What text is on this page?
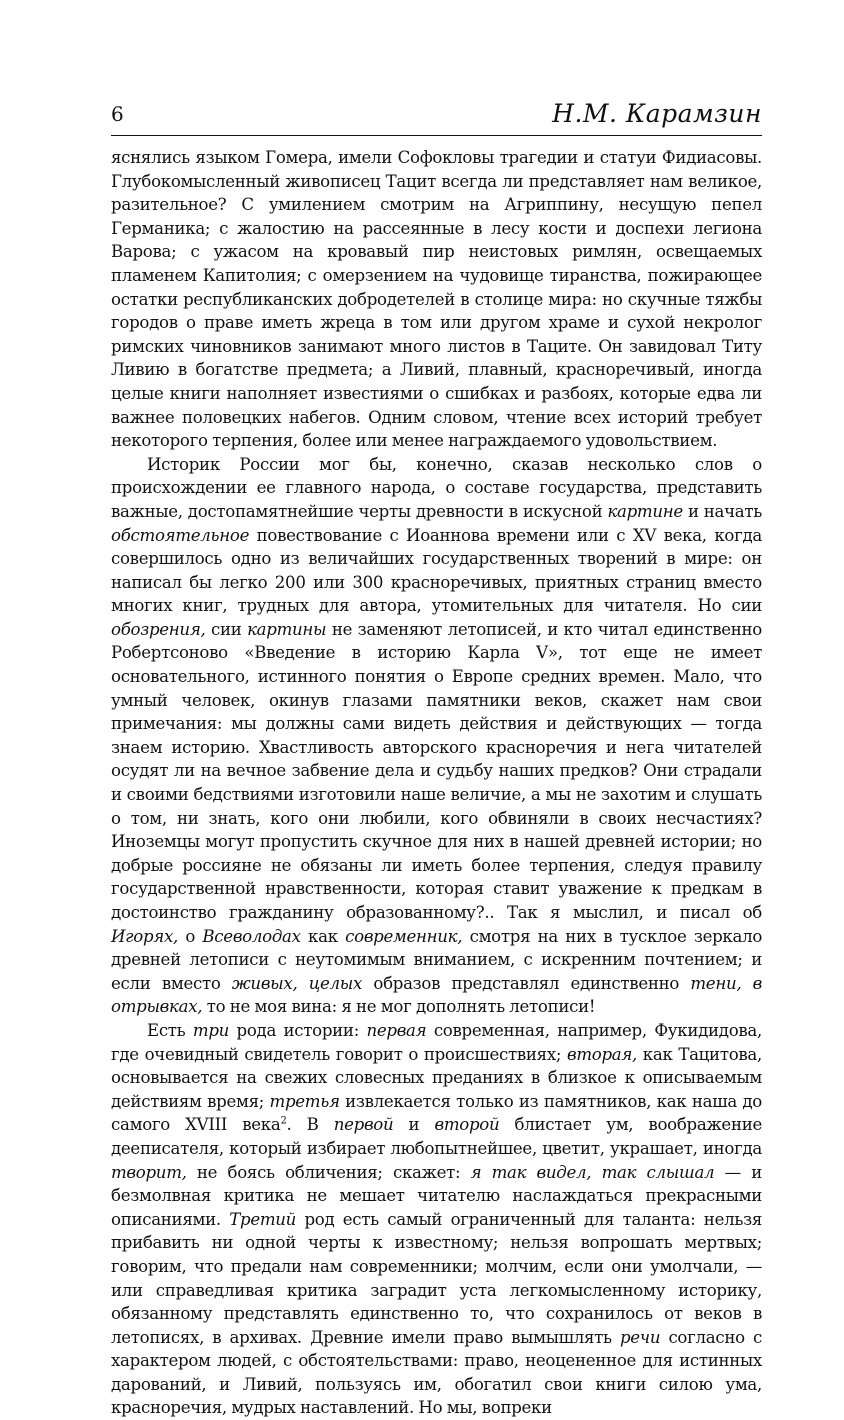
6	Н.М. Карамзин

яснялись языком Гомера, имели Софокловы трагедии и статуи Фидиасовы. Глубокомысленный живописец Тацит всегда ли представляет нам великое, разительное? С умилением смотрим на Агриппину, несущую пепел Германика; с жалостию на рассеянные в лесу кости и доспехи легиона Варова; с ужасом на кровавый пир неистовых римлян, освещаемых пламенем Капитолия; с омерзением на чудовище тиранства, пожирающее остатки республиканских добродетелей в столице мира: но скучные тяжбы городов о праве иметь жреца в том или другом храме и сухой некролог римских чиновников занимают много листов в Таците. Он завидовал Титу Ливию в богатстве предмета; а Ливий, плавный, красноречивый, иногда целые книги наполняет известиями о сшибках и разбоях, которые едва ли важнее половецких набегов. Одним словом, чтение всех историй требует некоторого терпения, более или менее награждаемого удовольствием.

Историк России мог бы, конечно, сказав несколько слов о происхождении ее главного народа, о составе государства, представить важные, достопамятнейшие черты древности в искусной картине и начать обстоятельное повествование с Иоаннова времени или с XV века, когда совершилось одно из величайших государственных творений в мире: он написал бы легко 200 или 300 красноречивых, приятных страниц вместо многих книг, трудных для автора, утомительных для читателя. Но сии обозрения, сии картины не заменяют летописей, и кто читал единственно Робертсоново «Введение в историю Карла V», тот еще не имеет основательного, истинного понятия о Европе средних времен. Мало, что умный человек, окинув глазами памятники веков, скажет нам свои примечания: мы должны сами видеть действия и действующих — тогда знаем историю. Хвастливость авторского красноречия и нега читателей осудят ли на вечное забвение дела и судьбу наших предков? Они страдали и своими бедствиями изготовили наше величие, а мы не захотим и слушать о том, ни знать, кого они любили, кого обвиняли в своих несчастиях? Иноземцы могут пропустить скучное для них в нашей древней истории; но добрые россияне не обязаны ли иметь более терпения, следуя правилу государственной нравственности, которая ставит уважение к предкам в достоинство гражданину образованному?.. Так я мыслил, и писал об Игорях, о Всеволодах как современник, смотря на них в тусклое зеркало древней летописи с неутомимым вниманием, с искренним почтением; и если вместо живых, целых образов представлял единственно тени, в отрывках, то не моя вина: я не мог дополнять летописи!

Есть три рода истории: первая современная, например, Фукидидова, где очевидный свидетель говорит о происшествиях; вторая, как Тацитова, основывается на свежих словесных преданиях в близкое к описываемым действиям время; третья извлекается только из памятников, как наша до самого XVIII века$^2$. В первой и второй блистает ум, воображение дееписателя, который избирает любопытнейшее, цветит, украшает, иногда творит, не боясь обличения; скажет: я так видел, так слышал — и безмолвная критика не мешает читателю наслаждаться прекрасными описаниями. Третий род есть самый ограниченный для таланта: нельзя прибавить ни одной черты к известному; нельзя вопрошать мертвых; говорим, что предали нам современники; молчим, если они умолчали, — или справедливая критика заградит уста легкомысленному историку, обязанному представлять единственно то, что сохранилось от веков в летописях, в архивах. Древние имели право вымышлять речи согласно с характером людей, с обстоятельствами: право, неоцененное для истинных дарований, и Ливий, пользуясь им, обогатил свои книги силою ума, красноречия, мудрых наставлений. Но мы, вопреки
